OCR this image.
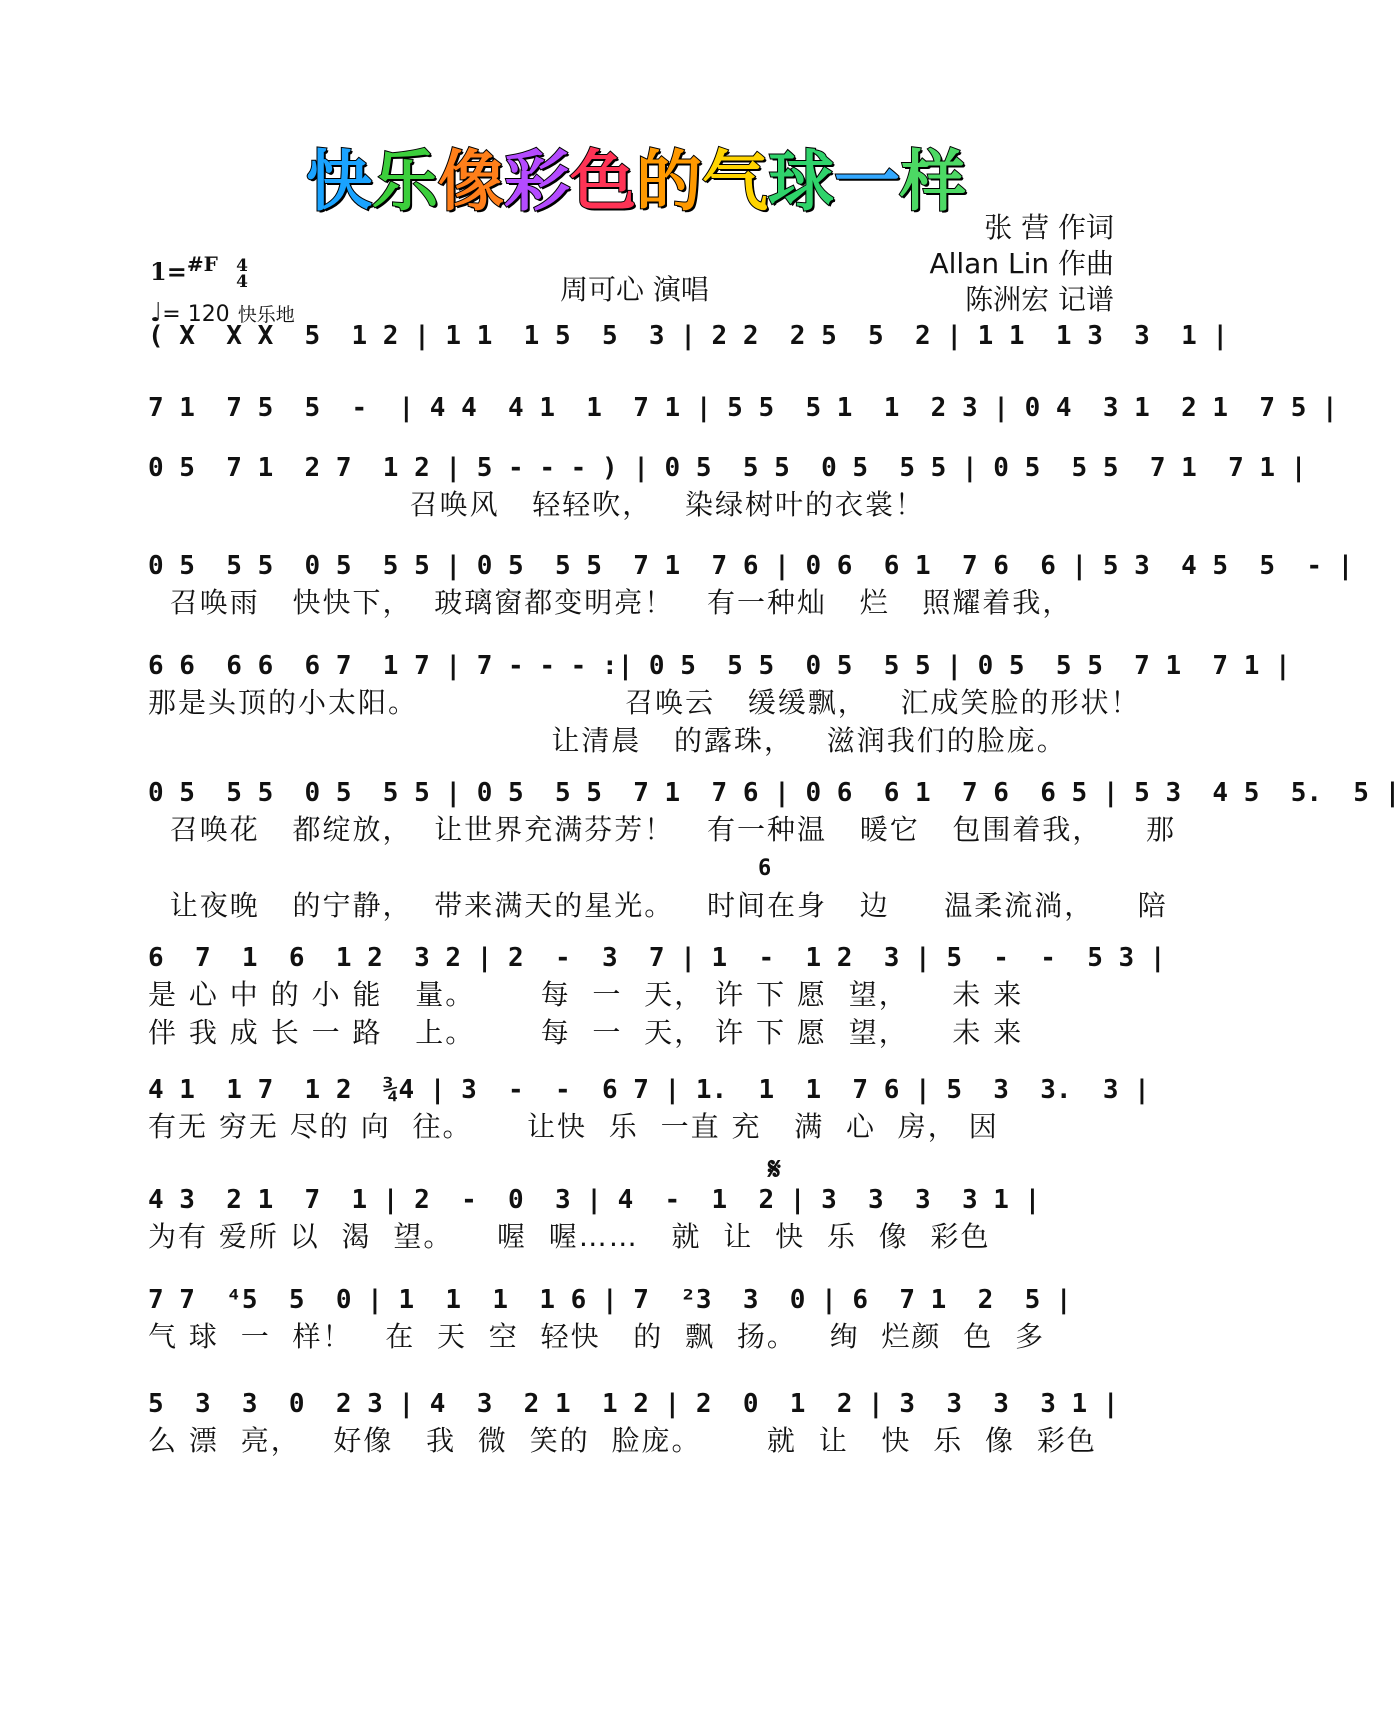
快乐像彩色的气球一样
1=$^{\#F}$ 4
4
♩= 120 快乐地
周可心 演唱
张 营 作词
Allan Lin 作曲
陈洲宏 记谱
𝄋
( X  X X  5  1 2 | 1 1  1 5  5  3 | 2 2  2 5  5  2 | 1 1  1 3  3  1 |
7 1  7 5  5  -  | 4 4  4 1  1  7 1 | 5 5  5 1  1  2 3 | 0 4  3 1  2 1  7 5 |
0 5  7 1  2 7  1 2 | 5 - - - ) | 0 5  5 5  0 5  5 5 | 0 5  5 5  7 1  7 1 |
召唤风   轻轻吹，   染绿树叶的衣裳！
0 5  5 5  0 5  5 5 | 0 5  5 5  7 1  7 6 | 0 6  6 1  7 6  6 | 5 3  4 5  5  - |
召唤雨   快快下，  玻璃窗都变明亮！   有一种灿   烂   照耀着我，
6 6  6 6  6 7  1 7 | 7 - - - :| 0 5  5 5  0 5  5 5 | 0 5  5 5  7 1  7 1 |
那是头顶的小太阳。                   召唤云   缓缓飘，   汇成笑脸的形状！
让清晨   的露珠，   滋润我们的脸庞。
0 5  5 5  0 5  5 5 | 0 5  5 5  7 1  7 6 | 0 6  6 1  7 6  6 5 | 5 3  4 5  5.  5 |
6
召唤花   都绽放，  让世界充满芬芳！   有一种温   暖它   包围着我，    那
让夜晚   的宁静，  带来满天的星光。   时间在身   边     温柔流淌，    陪
6  7  1  6  1 2  3 2 | 2  -  3  7 | 1  -  1 2  3 | 5  -  -  5 3 |
是 心 中 的 小 能   量。      每  一  天， 许 下 愿  望，    未 来
伴 我 成 长 一 路   上。      每  一  天， 许 下 愿  望，    未 来
4 1  1 7  1 2  ¾4 | 3  -  -  6 7 | 1.  1  1  7 6 | 5  3  3.  3 |
有无 穷无 尽的 向  往。     让快  乐  一直 充   满  心  房， 因
4 3  2 1  7  1 | 2  -  0  3 | 4  -  1  2 | 3  3  3  3 1 |
为有 爱所 以  渴  望。    喔  喔……   就  让  快  乐  像  彩色
7 7  ⁴5  5  0 | 1  1  1  1 6 | 7  ²3  3  0 | 6  7 1  2  5 |
气 球  一  样！   在  天  空  轻快   的  飘  扬。   绚  烂颜  色  多
5  3  3  0  2 3 | 4  3  2 1  1 2 | 2  0  1  2 | 3  3  3  3 1 |
么 漂  亮，   好像   我  微  笑的  脸庞。      就  让   快  乐  像  彩色
